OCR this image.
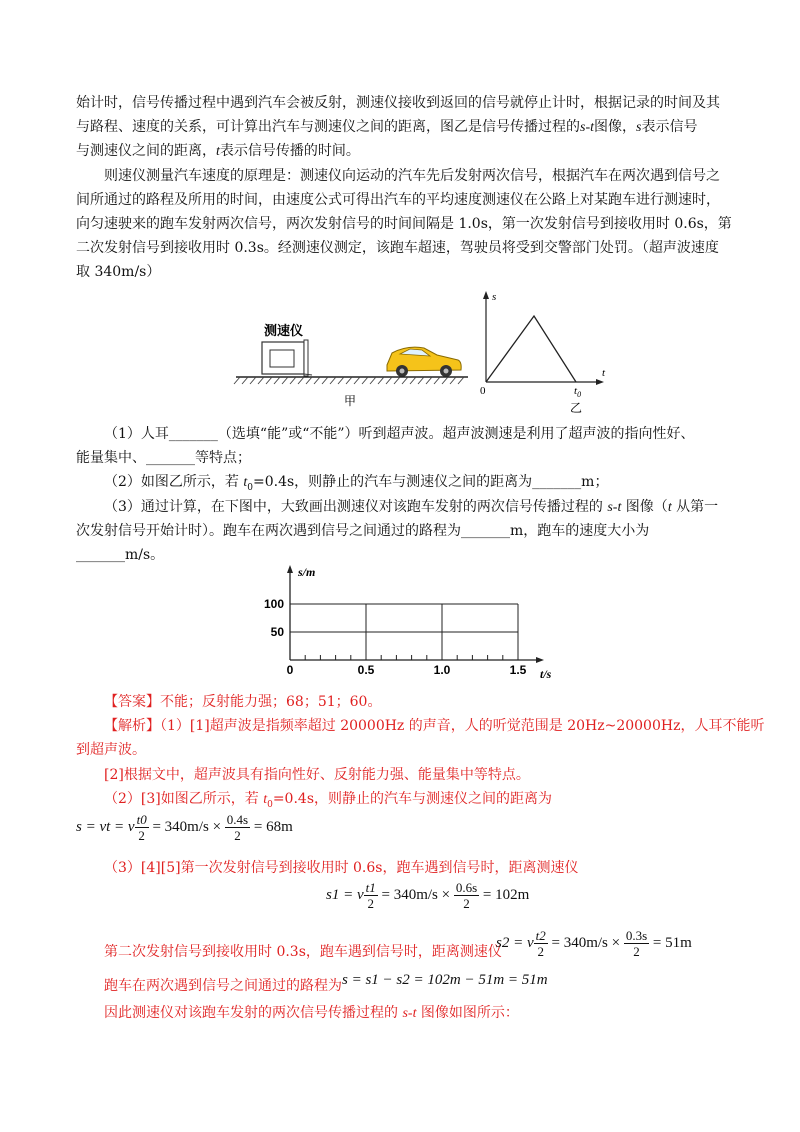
始计时，信号传播过程中遇到汽车会被反射，测速仪接收到返回的信号就停止计时，根据记录的时间及其
与路程、速度的关系，可计算出汽车与测速仪之间的距离，图乙是信号传播过程的s-t图像，s表示信号
与测速仪之间的距离，t表示信号传播的时间。
则速仪测量汽车速度的原理是：测速仪向运动的汽车先后发射两次信号，根据汽车在两次遇到信号之
间所通过的路程及所用的时间，由速度公式可得出汽车的平均速度测速仪在公路上对某跑车进行测速时，
向匀速驶来的跑车发射两次信号，两次发射信号的时间间隔是 1.0s，第一次发射信号到接收用时 0.6s，第
二次发射信号到接收用时 0.3s。经测速仪测定，该跑车超速，驾驶员将受到交警部门处罚。（超声波速度
取 340m/s）
测速仪
甲
s
t
0	$t_0$
乙
（1）人耳_______（选填“能”或“不能”）听到超声波。超声波测速是利用了超声波的指向性好、
能量集中、_______等特点；
（2）如图乙所示，若 $t_0=0.4s$，则静止的汽车与测速仪之间的距离为_______m；
（3）通过计算，在下图中，大致画出测速仪对该跑车发射的两次信号传播过程的 s-t 图像（t 从第一
次发射信号开始计时）。跑车在两次遇到信号之间通过的路程为_______m，跑车的速度大小为
_______m/s。
0	0.5	1.0	1.5
50
100
s/m
t/s
【答案】不能；反射能力强；68；51；60。
【解析】（1）[1]超声波是指频率超过 20000Hz 的声音，人的听觉范围是 20Hz~20000Hz，人耳不能听
到超声波。
[2]根据文中，超声波具有指向性好、反射能力强、能量集中等特点。
（2）[3]如图乙所示，若 $t_0=0.4s$，则静止的汽车与测速仪之间的距离为
s = vt = v $\frac{t0}{2} = 340m/s \times \frac{0.4s}{2} = 68m$
（3）[4][5]第一次发射信号到接收用时 0.6s，跑车遇到信号时，距离测速仪
s1 = v $\frac{t1}{2} = 340m/s \times \frac{0.6s}{2} = 102m$
第二次发射信号到接收用时 0.3s，跑车遇到信号时，距离测速仪
s2 = v $\frac{t2}{2} = 340m/s \times \frac{0.3s}{2} = 51m$
跑车在两次遇到信号之间通过的路程为 s = s1 − s2 = 102m − 51m = 51m
因此测速仪对该跑车发射的两次信号传播过程的 s-t 图像如图所示：
